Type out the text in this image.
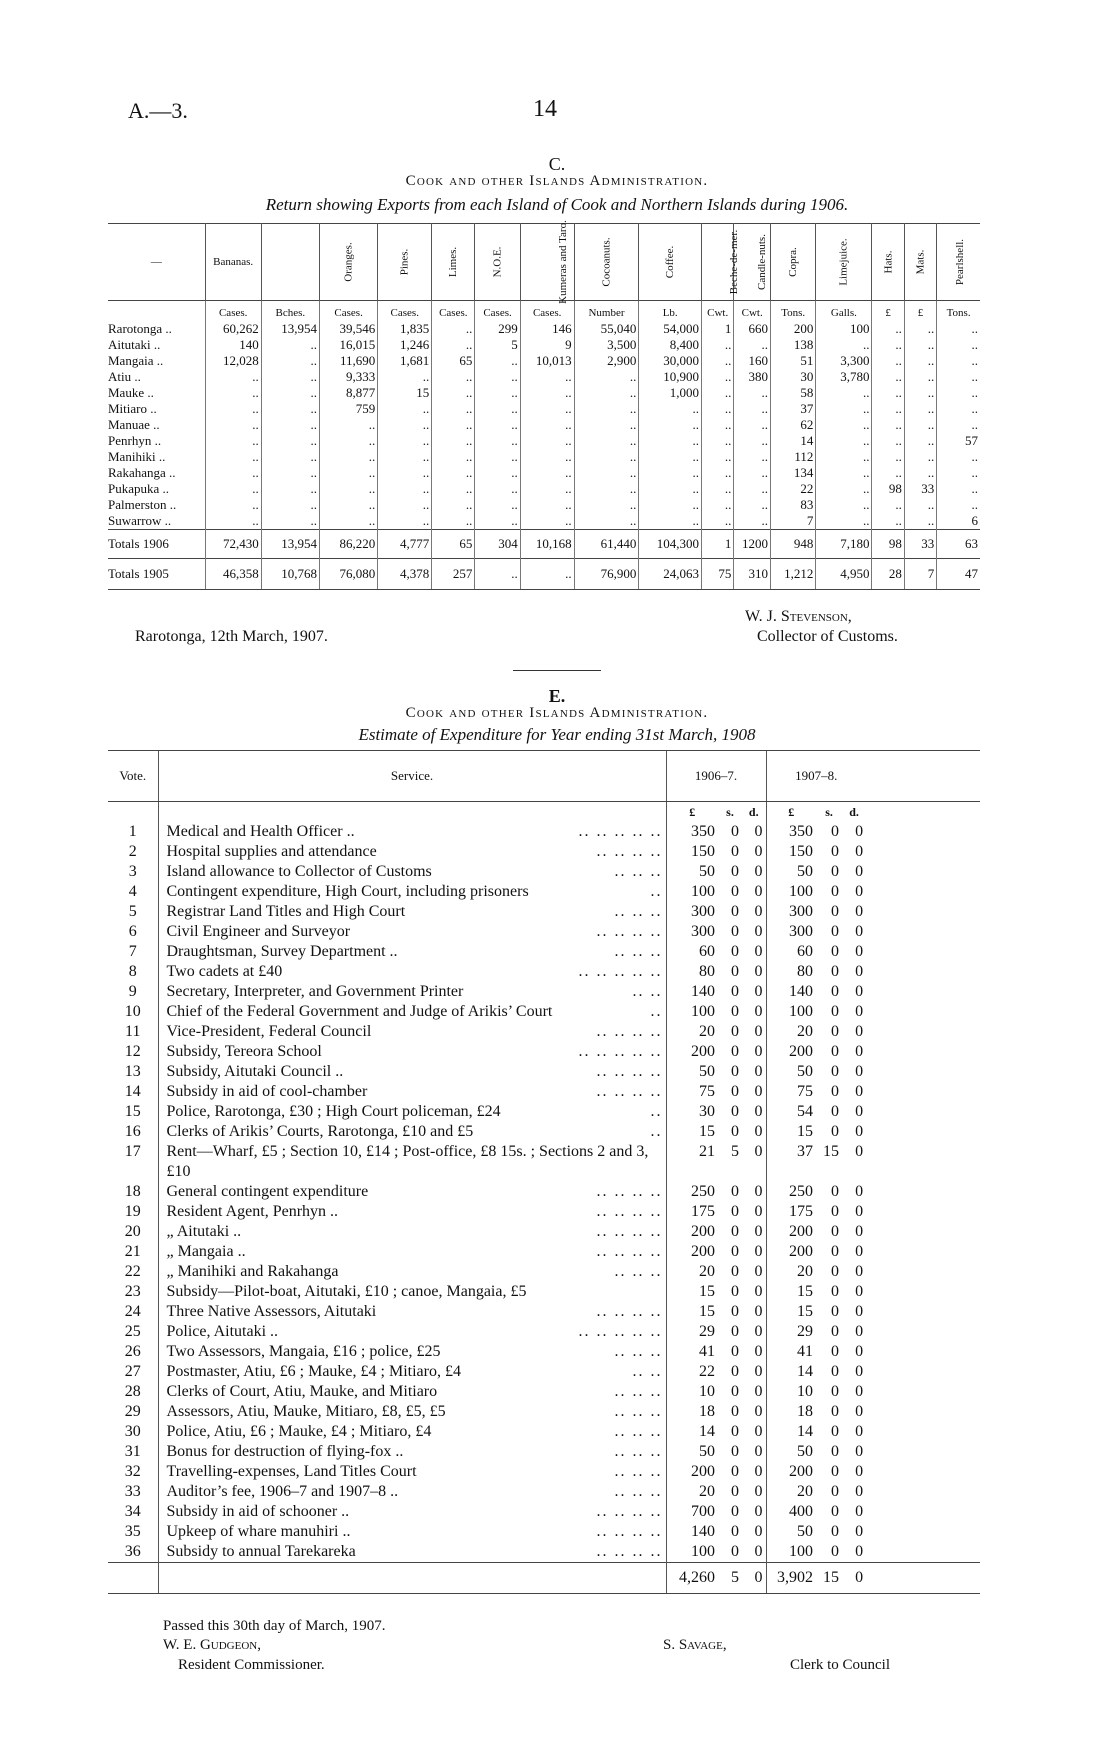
A.—3.	14
C.
Cook and other Islands Administration.
Return showing Exports from each Island of Cook and Northern Islands during 1906.
—	Bananas.		Oranges.	Pines.	Limes.	N.O.E.	Kumeras and Taro.	Cocoanuts.	Coffee.	Beche-de-mer.	Candle-nuts.	Copra.	Limejuice.	Hats.	Mats.	Pearlshell.
	Cases.	Bches.	Cases.	Cases.	Cases.	Cases.	Cases.	Number	Lb.	Cwt.	Cwt.	Tons.	Galls.	£	£	Tons.
Rarotonga ..	60,262	13,954	39,546	1,835	..	299	146	55,040	54,000	1	660	200	100	..	..	..
Aitutaki ..	140	..	16,015	1,246	..	5	9	3,500	8,400	..	..	138	..	..	..	..
Mangaia ..	12,028	..	11,690	1,681	65	..	10,013	2,900	30,000	..	160	51	3,300	..	..	..
Atiu ..	..	..	9,333	..	..	..	..	..	10,900	..	380	30	3,780	..	..	..
Mauke ..	..	..	8,877	15	..	..	..	..	1,000	..	..	58	..	..	..	..
Mitiaro ..	..	..	759	..	..	..	..	..	..	..	..	37	..	..	..	..
Manuae ..	..	..	..	..	..	..	..	..	..	..	..	62	..	..	..	..
Penrhyn ..	..	..	..	..	..	..	..	..	..	..	..	14	..	..	..	57
Manihiki ..	..	..	..	..	..	..	..	..	..	..	..	112	..	..	..	..
Rakahanga ..	..	..	..	..	..	..	..	..	..	..	..	134	..	..	..	..
Pukapuka ..	..	..	..	..	..	..	..	..	..	..	..	22	..	98	33	..
Palmerston ..	..	..	..	..	..	..	..	..	..	..	..	83	..	..	..	..
Suwarrow ..	..	..	..	..	..	..	..	..	..	..	..	7	..	..	..	6
Totals 1906	72,430	13,954	86,220	4,777	65	304	10,168	61,440	104,300	1	1200	948	7,180	98	33	63
Totals 1905	46,358	10,768	76,080	4,378	257	..	..	76,900	24,063	75	310	1,212	4,950	28	7	47
W. J. Stevenson,
Rarotonga, 12th March, 1907.	Collector of Customs.
E.
Cook and other Islands Administration.
Estimate of Expenditure for Year ending 31st March, 1908
Vote.	Service.		1906–7.			1907–8.			
			£	s.	d.	£	s.	d.	
1	Medical and Health Officer ..	.. .. .. .. ..	350	0	0	350	0	0	
2	Hospital supplies and attendance	.. .. .. ..	150	0	0	150	0	0	
3	Island allowance to Collector of Customs	.. .. ..	50	0	0	50	0	0	
4	Contingent expenditure, High Court, including prisoners	..	100	0	0	100	0	0	
5	Registrar Land Titles and High Court	.. .. ..	300	0	0	300	0	0	
6	Civil Engineer and Surveyor	.. .. .. ..	300	0	0	300	0	0	
7	Draughtsman, Survey Department ..	.. .. ..	60	0	0	60	0	0	
8	Two cadets at £40	.. .. .. .. ..	80	0	0	80	0	0	
9	Secretary, Interpreter, and Government Printer	.. ..	140	0	0	140	0	0	
10	Chief of the Federal Government and Judge of Arikis’ Court	..	100	0	0	100	0	0	
11	Vice-President, Federal Council	.. .. .. ..	20	0	0	20	0	0	
12	Subsidy, Tereora School	.. .. .. .. ..	200	0	0	200	0	0	
13	Subsidy, Aitutaki Council ..	.. .. .. ..	50	0	0	50	0	0	
14	Subsidy in aid of cool-chamber	.. .. .. ..	75	0	0	75	0	0	
15	Police, Rarotonga, £30 ; High Court policeman, £24	..	30	0	0	54	0	0	
16	Clerks of Arikis’ Courts, Rarotonga, £10 and £5	..	15	0	0	15	0	0	
17	Rent—Wharf, £5 ; Section 10, £14 ; Post-office, £8 15s. ; Sections 2 and 3, £10		21	5	0	37	15	0	
18	General contingent expenditure	.. .. .. ..	250	0	0	250	0	0	
19	Resident Agent, Penrhyn ..	.. .. .. ..	175	0	0	175	0	0	
20	„ Aitutaki ..	.. .. .. ..	200	0	0	200	0	0	
21	„ Mangaia ..	.. .. .. ..	200	0	0	200	0	0	
22	„ Manihiki and Rakahanga	.. .. ..	20	0	0	20	0	0	
23	Subsidy—Pilot-boat, Aitutaki, £10 ; canoe, Mangaia, £5		15	0	0	15	0	0	
24	Three Native Assessors, Aitutaki	.. .. .. ..	15	0	0	15	0	0	
25	Police, Aitutaki ..	.. .. .. .. ..	29	0	0	29	0	0	
26	Two Assessors, Mangaia, £16 ; police, £25	.. .. ..	41	0	0	41	0	0	
27	Postmaster, Atiu, £6 ; Mauke, £4 ; Mitiaro, £4	.. ..	22	0	0	14	0	0	
28	Clerks of Court, Atiu, Mauke, and Mitiaro	.. .. ..	10	0	0	10	0	0	
29	Assessors, Atiu, Mauke, Mitiaro, £8, £5, £5	.. .. ..	18	0	0	18	0	0	
30	Police, Atiu, £6 ; Mauke, £4 ; Mitiaro, £4	.. .. ..	14	0	0	14	0	0	
31	Bonus for destruction of flying-fox ..	.. .. ..	50	0	0	50	0	0	
32	Travelling-expenses, Land Titles Court	.. .. ..	200	0	0	200	0	0	
33	Auditor’s fee, 1906–7 and 1907–8 ..	.. .. ..	20	0	0	20	0	0	
34	Subsidy in aid of schooner ..	.. .. .. ..	700	0	0	400	0	0	
35	Upkeep of whare manuhiri ..	.. .. .. ..	140	0	0	50	0	0	
36	Subsidy to annual Tarekareka	.. .. .. ..	100	0	0	100	0	0	
			4,260	5	0	3,902	15	0	
Passed this 30th day of March, 1907.
W. E. Gudgeon,
Resident Commissioner.
S. Savage,
Clerk to Council
